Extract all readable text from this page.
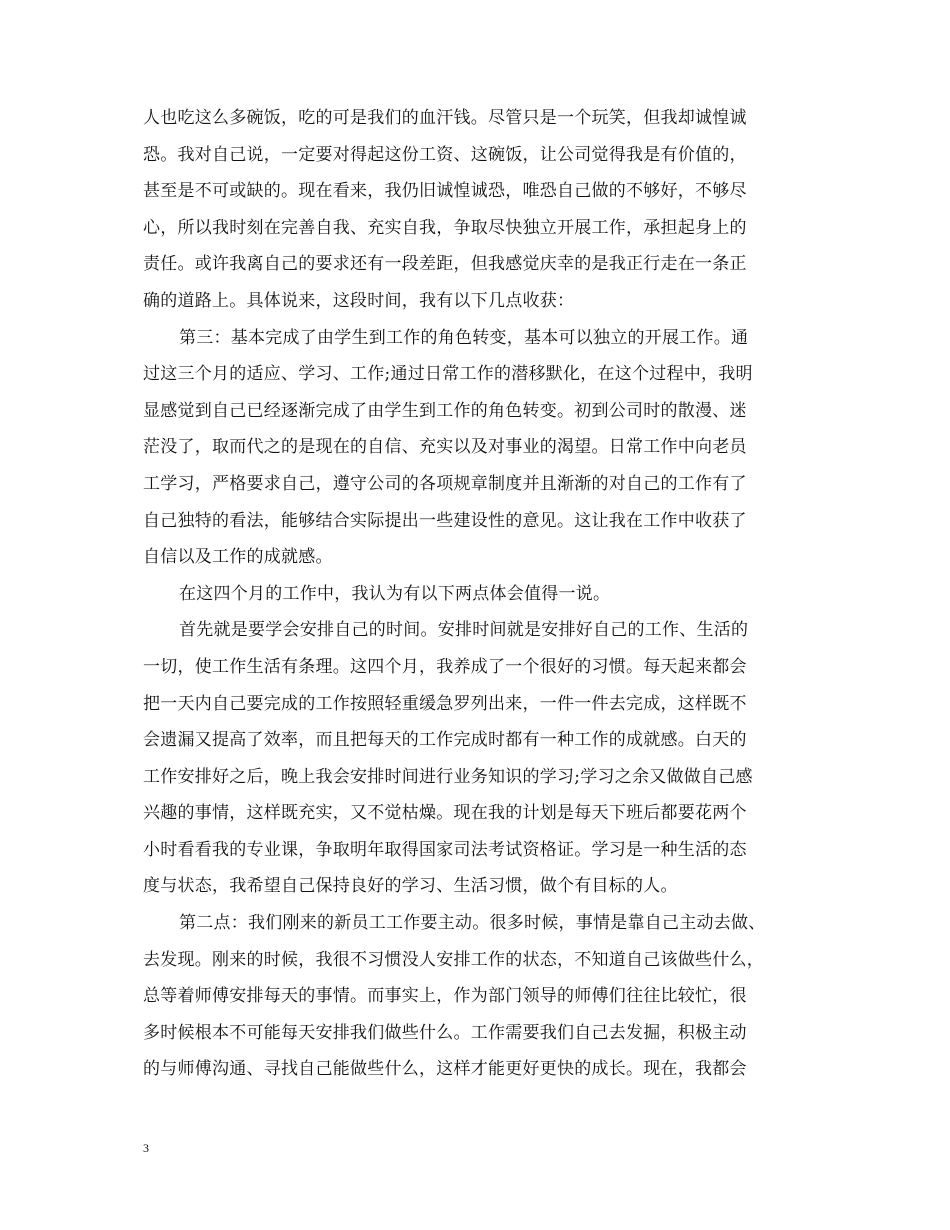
人也吃这么多碗饭，吃的可是我们的血汗钱。尽管只是一个玩笑，但我却诚惶诚
恐。我对自己说，一定要对得起这份工资、这碗饭，让公司觉得我是有价值的，
甚至是不可或缺的。现在看来，我仍旧诚惶诚恐，唯恐自己做的不够好，不够尽
心，所以我时刻在完善自我、充实自我，争取尽快独立开展工作，承担起身上的
责任。或许我离自己的要求还有一段差距，但我感觉庆幸的是我正行走在一条正
确的道路上。具体说来，这段时间，我有以下几点收获：
第三：基本完成了由学生到工作的角色转变，基本可以独立的开展工作。通
过这三个月的适应、学习、工作;通过日常工作的潜移默化，在这个过程中，我明
显感觉到自己已经逐渐完成了由学生到工作的角色转变。初到公司时的散漫、迷
茫没了，取而代之的是现在的自信、充实以及对事业的渴望。日常工作中向老员
工学习，严格要求自己，遵守公司的各项规章制度并且渐渐的对自己的工作有了
自己独特的看法，能够结合实际提出一些建设性的意见。这让我在工作中收获了
自信以及工作的成就感。
在这四个月的工作中，我认为有以下两点体会值得一说。
首先就是要学会安排自己的时间。安排时间就是安排好自己的工作、生活的
一切，使工作生活有条理。这四个月，我养成了一个很好的习惯。每天起来都会
把一天内自己要完成的工作按照轻重缓急罗列出来，一件一件去完成，这样既不
会遗漏又提高了效率，而且把每天的工作完成时都有一种工作的成就感。白天的
工作安排好之后，晚上我会安排时间进行业务知识的学习;学习之余又做做自己感
兴趣的事情，这样既充实，又不觉枯燥。现在我的计划是每天下班后都要花两个
小时看看我的专业课，争取明年取得国家司法考试资格证。学习是一种生活的态
度与状态，我希望自己保持良好的学习、生活习惯，做个有目标的人。
第二点：我们刚来的新员工工作要主动。很多时候，事情是靠自己主动去做、
去发现。刚来的时候，我很不习惯没人安排工作的状态，不知道自己该做些什么，
总等着师傅安排每天的事情。而事实上，作为部门领导的师傅们往往比较忙，很
多时候根本不可能每天安排我们做些什么。工作需要我们自己去发掘，积极主动
的与师傅沟通、寻找自己能做些什么，这样才能更好更快的成长。现在，我都会
3
